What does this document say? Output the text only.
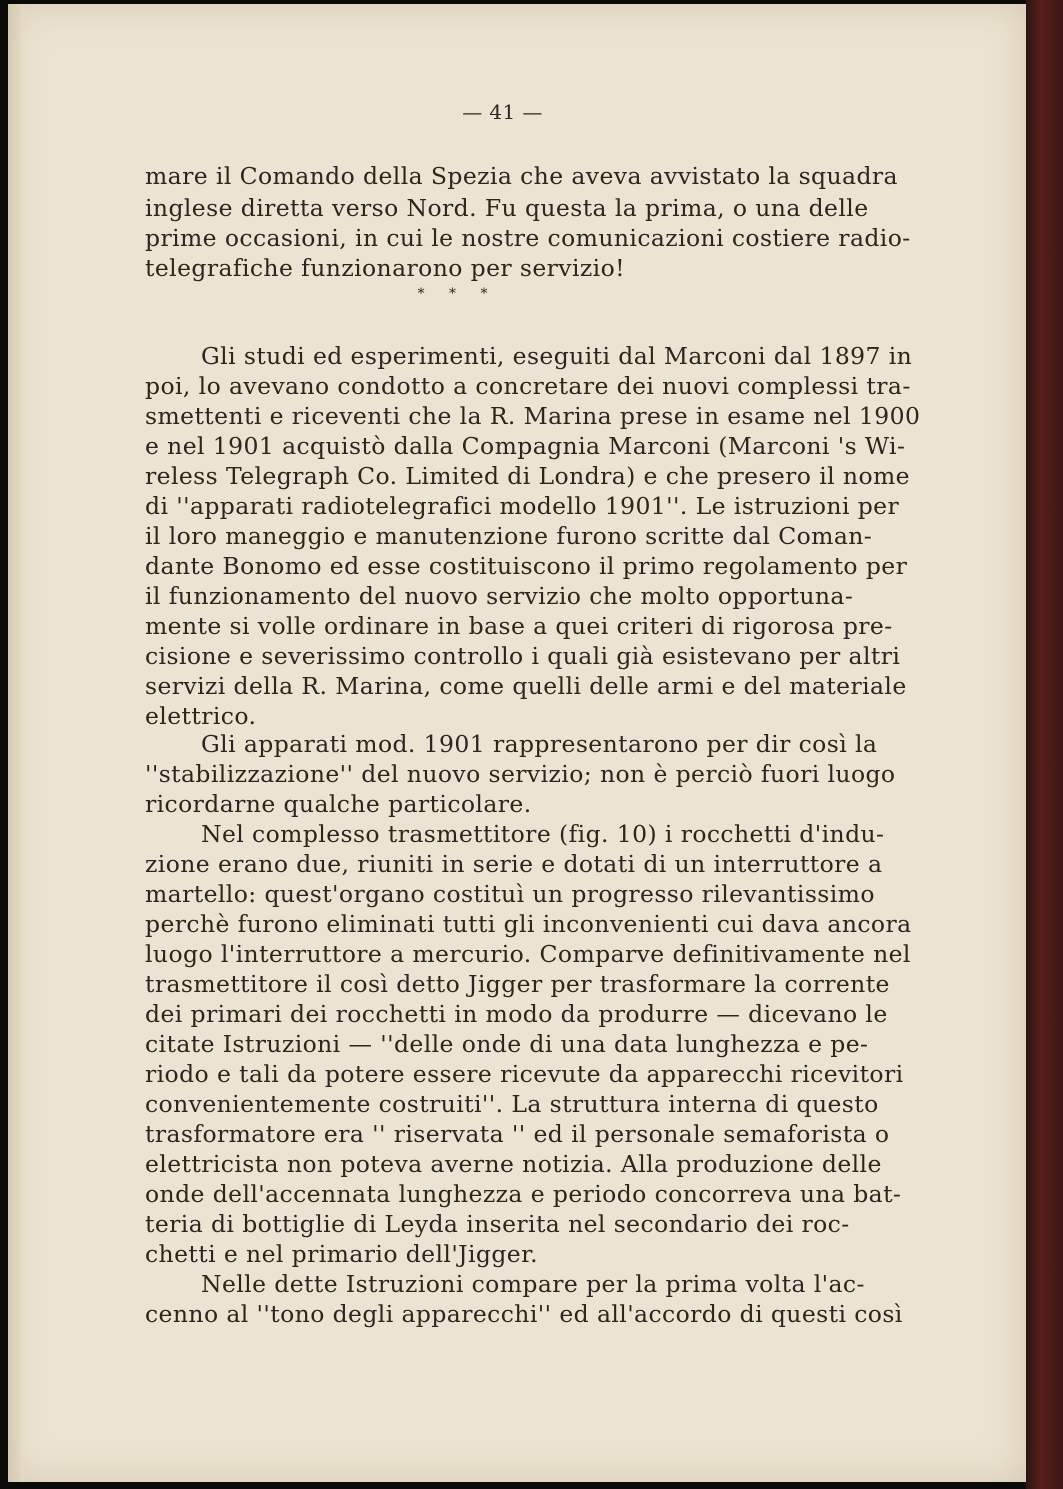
— 41 —
mare il Comando della Spezia che aveva avvistato la squadra
inglese diretta verso Nord. Fu questa la prima, o una delle
prime occasioni, in cui le nostre comunicazioni costiere radio-
telegrafiche funzionarono per servizio!
* * *
Gli studi ed esperimenti, eseguiti dal Marconi dal 1897 in
poi, lo avevano condotto a concretare dei nuovi complessi tra-
smettenti e riceventi che la R. Marina prese in esame nel 1900
e nel 1901 acquistò dalla Compagnia Marconi (Marconi 's Wi-
reless Telegraph Co. Limited di Londra) e che presero il nome
di ''apparati radiotelegrafici modello 1901''. Le istruzioni per
il loro maneggio e manutenzione furono scritte dal Coman-
dante Bonomo ed esse costituiscono il primo regolamento per
il funzionamento del nuovo servizio che molto opportuna-
mente si volle ordinare in base a quei criteri di rigorosa pre-
cisione e severissimo controllo i quali già esistevano per altri
servizi della R. Marina, come quelli delle armi e del materiale
elettrico.
Gli apparati mod. 1901 rappresentarono per dir così la
''stabilizzazione'' del nuovo servizio; non è perciò fuori luogo
ricordarne qualche particolare.
Nel complesso trasmettitore (fig. 10) i rocchetti d'indu-
zione erano due, riuniti in serie e dotati di un interruttore a
martello: quest'organo costituì un progresso rilevantissimo
perchè furono eliminati tutti gli inconvenienti cui dava ancora
luogo l'interruttore a mercurio. Comparve definitivamente nel
trasmettitore il così detto Jigger per trasformare la corrente
dei primari dei rocchetti in modo da produrre — dicevano le
citate Istruzioni — ''delle onde di una data lunghezza e pe-
riodo e tali da potere essere ricevute da apparecchi ricevitori
convenientemente costruiti''. La struttura interna di questo
trasformatore era '' riservata '' ed il personale semaforista o
elettricista non poteva averne notizia. Alla produzione delle
onde dell'accennata lunghezza e periodo concorreva una bat-
teria di bottiglie di Leyda inserita nel secondario dei roc-
chetti e nel primario dell'Jigger.
Nelle dette Istruzioni compare per la prima volta l'ac-
cenno al ''tono degli apparecchi'' ed all'accordo di questi così
